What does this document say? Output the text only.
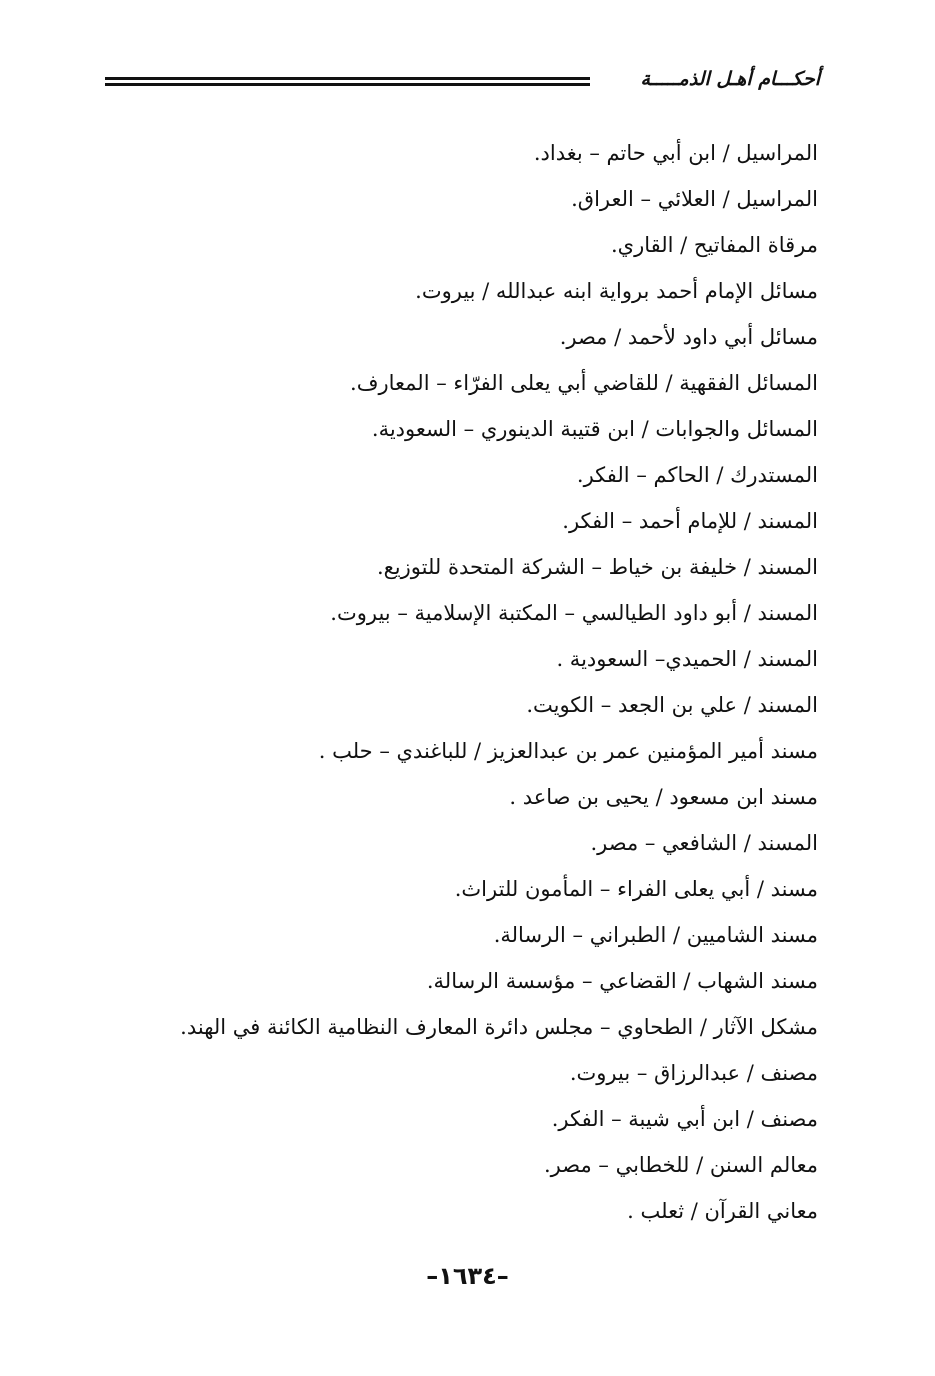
أحكـــام أهـل الذمـــــة
المراسيل / ابن أبي حاتم – بغداد.
المراسيل / العلائي – العراق.
مرقاة المفاتيح / القاري.
مسائل الإمام أحمد برواية ابنه عبدالله / بيروت.
مسائل أبي داود لأحمد / مصر.
المسائل الفقهية / للقاضي أبي يعلى الفرّاء – المعارف.
المسائل والجوابات / ابن قتيبة الدينوري – السعودية.
المستدرك / الحاكم – الفكر.
المسند / للإمام أحمد – الفكر.
المسند / خليفة بن خياط – الشركة المتحدة للتوزيع.
المسند / أبو داود الطيالسي – المكتبة الإسلامية – بيروت.
المسند / الحميدي– السعودية .
المسند / علي بن الجعد – الكويت.
مسند أمير المؤمنين عمر بن عبدالعزيز / للباغندي – حلب .
مسند ابن مسعود / يحيى بن صاعد .
المسند / الشافعي – مصر.
مسند / أبي يعلى الفراء – المأمون للتراث.
مسند الشاميين / الطبراني – الرسالة.
مسند الشهاب / القضاعي – مؤسسة الرسالة.
مشكل الآثار / الطحاوي – مجلس دائرة المعارف النظامية الكائنة في الهند.
مصنف / عبدالرزاق – بيروت.
مصنف / ابن أبي شيبة – الفكر.
معالم السنن / للخطابي – مصر.
معاني القرآن / ثعلب .
–١٦٣٤–
